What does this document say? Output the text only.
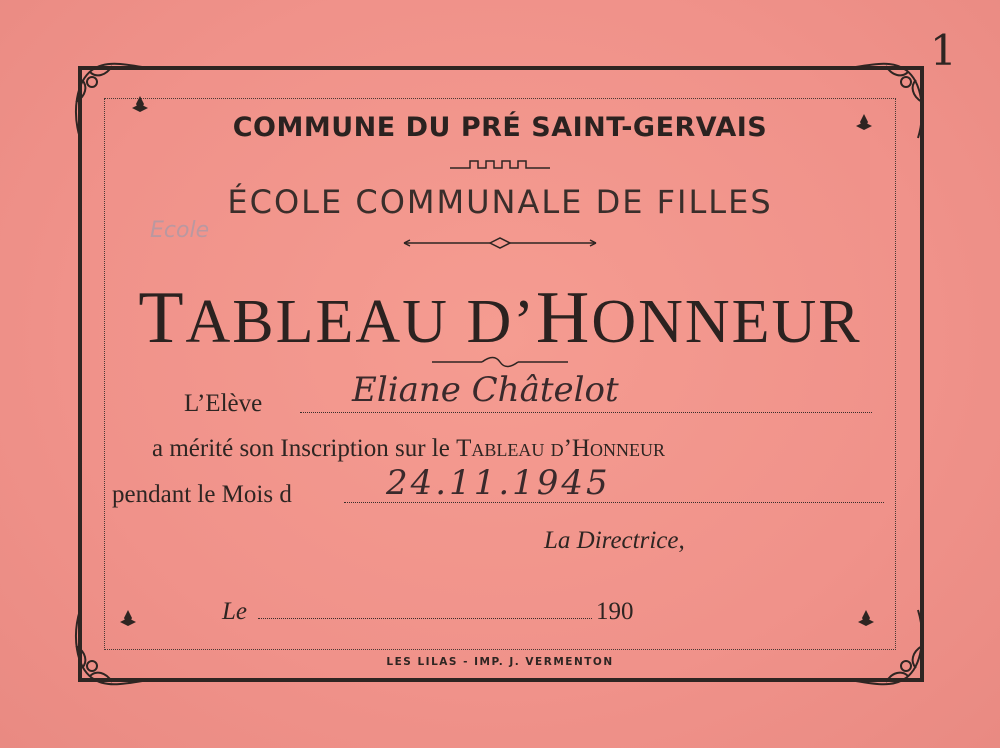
COMMUNE DU PRÉ SAINT-GERVAIS
ÉCOLE COMMUNALE DE FILLES
TABLEAU D’HONNEUR
Ecole
1
L’Elève	Eliane Châtelot
a mérité son Inscription sur le Tableau d’Honneur
pendant le Mois d	24.11.1945
La Directrice,
Le	190
LES LILAS - IMP. J. VERMENTON
